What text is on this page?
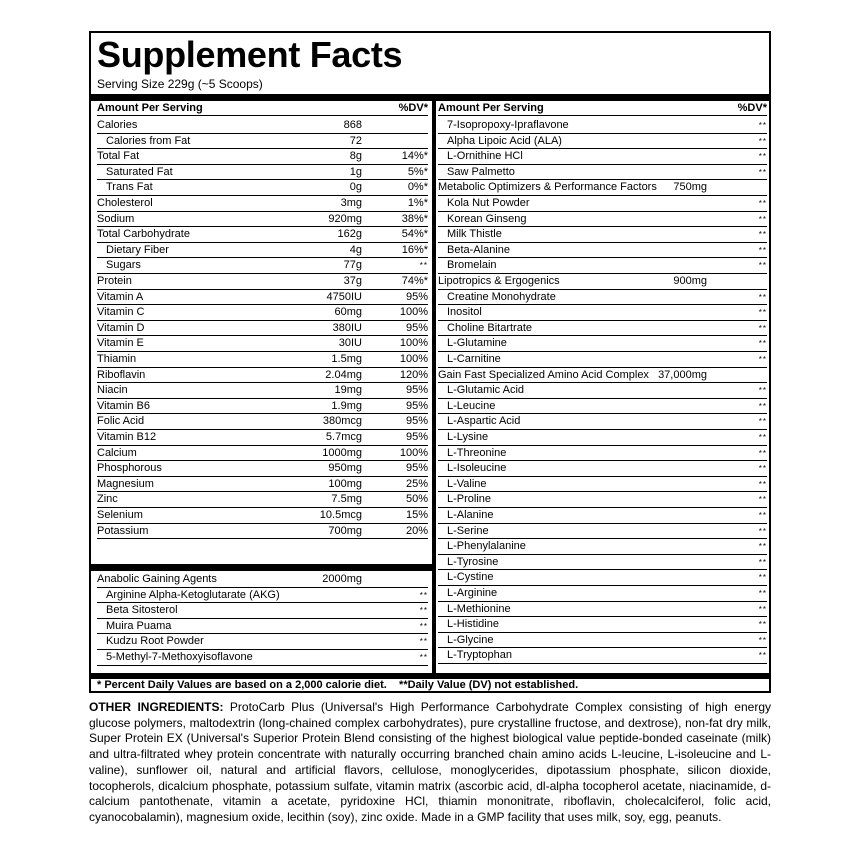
Supplement Facts
Serving Size 229g (~5 Scoops)
Amount Per Serving	%DV* Amount Per Serving	%DV*
Calories	868
Calories from Fat	72
Total Fat	8g	14%*
Saturated Fat	1g	5%*
Trans Fat	0g	0%*
Cholesterol	3mg	1%*
Sodium	920mg	38%*
Total Carbohydrate	162g	54%*
Dietary Fiber	4g	16%*
Sugars	77g	**
Protein	37g	74%*
Vitamin A	4750IU	95%
Vitamin C	60mg	100%
Vitamin D	380IU	95%
Vitamin E	30IU	100%
Thiamin	1.5mg	100%
Riboflavin	2.04mg	120%
Niacin	19mg	95%
Vitamin B6	1.9mg	95%
Folic Acid	380mcg	95%
Vitamin B12	5.7mcg	95%
Calcium	1000mg	100%
Phosphorous	950mg	95%
Magnesium	100mg	25%
Zinc	7.5mg	50%
Selenium	10.5mcg	15%
Potassium	700mg	20%
Anabolic Gaining Agents	2000mg
Arginine Alpha-Ketoglutarate (AKG)	**
Beta Sitosterol	**
Muira Puama	**
Kudzu Root Powder	**
5-Methyl-7-Methoxyisoflavone	**
7-Isopropoxy-Ipraflavone	**
Alpha Lipoic Acid (ALA)	**
L-Ornithine HCl	**
Saw Palmetto	**
Metabolic Optimizers & Performance Factors 750mg
Kola Nut Powder	**
Korean Ginseng	**
Milk Thistle	**
Beta-Alanine	**
Bromelain	**
Lipotropics & Ergogenics	900mg
Creatine Monohydrate	**
Inositol	**
Choline Bitartrate	**
L-Glutamine	**
L-Carnitine	**
Gain Fast Specialized Amino Acid Complex 37,000mg
L-Glutamic Acid	**
L-Leucine	**
L-Aspartic Acid	**
L-Lysine	**
L-Threonine	**
L-Isoleucine	**
L-Valine	**
L-Proline	**
L-Alanine	**
L-Serine	**
L-Phenylalanine	**
L-Tyrosine	**
L-Cystine	**
L-Arginine	**
L-Methionine	**
L-Histidine	**
L-Glycine	**
L-Tryptophan	**
* Percent Daily Values are based on a 2,000 calorie diet.    **Daily Value (DV) not established.
OTHER INGREDIENTS: ProtoCarb Plus (Universal's High Performance Carbohydrate Complex consisting of high energy glucose polymers, maltodextrin (long-chained complex carbohydrates), pure crystalline fructose, and dextrose), non-fat dry milk, Super Protein EX (Universal's Superior Protein Blend consisting of the highest biological value peptide-bonded caseinate (milk) and ultra-filtrated whey protein concentrate with naturally occurring branched chain amino acids L-leucine, L-isoleucine and L-valine), sunflower oil, natural and artificial flavors, cellulose, monoglycerides, dipotassium phosphate, silicon dioxide, tocopherols, dicalcium phosphate, potassium sulfate, vitamin matrix (ascorbic acid, dl-alpha tocopherol acetate, niacinamide, d-calcium pantothenate, vitamin a acetate, pyridoxine HCl, thiamin mononitrate, riboflavin, cholecalciferol, folic acid, cyanocobalamin), magnesium oxide, lecithin (soy), zinc oxide. Made in a GMP facility that uses milk, soy, egg, peanuts.
